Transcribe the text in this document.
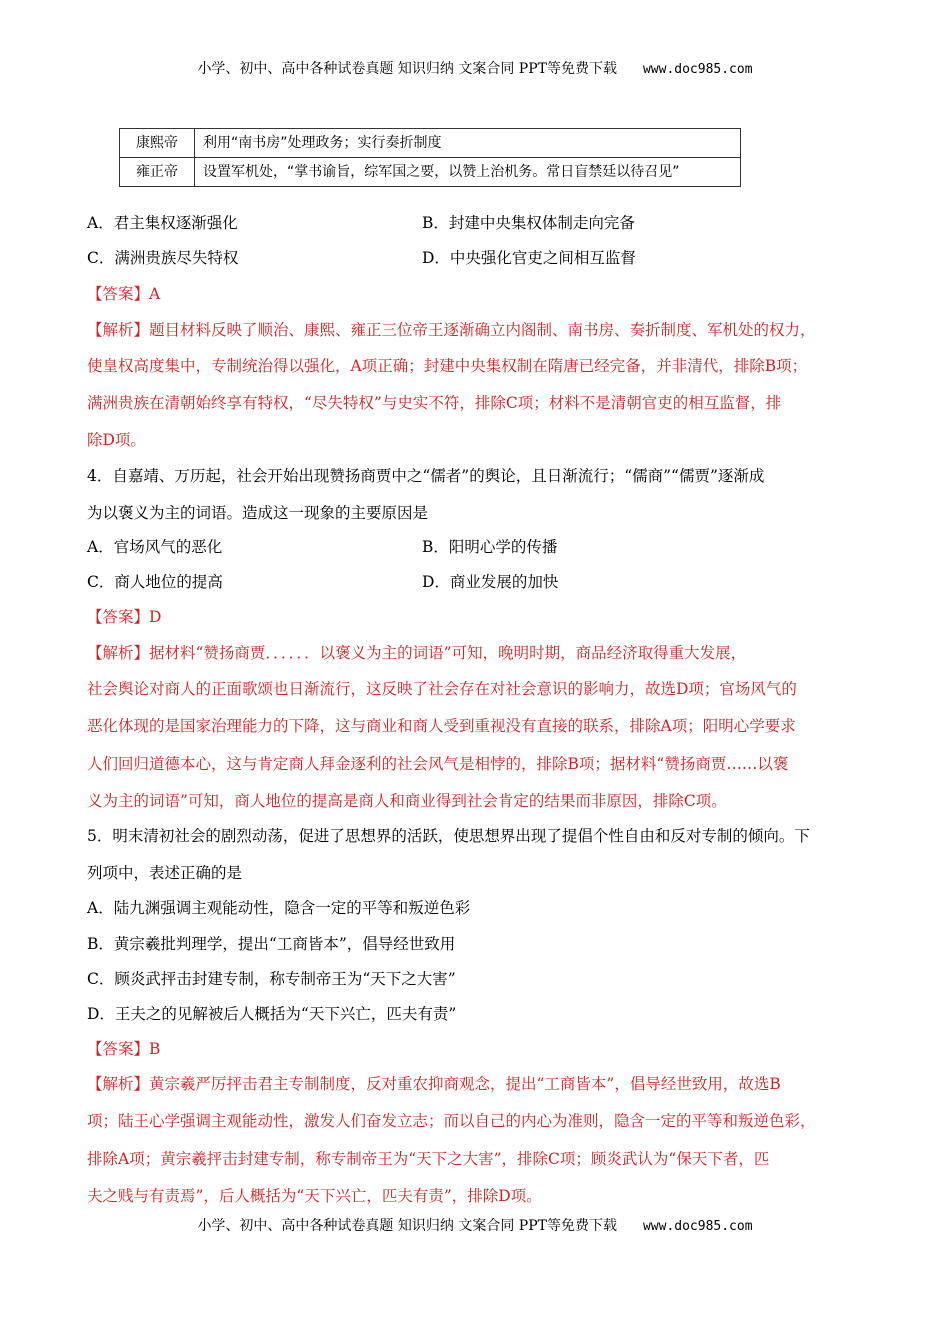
小学、初中、高中各种试卷真题 知识归纳 文案合同 PPT等免费下载 www.doc985.com
康熙帝	利用“南书房”处理政务；实行奏折制度
雍正帝	设置军机处，“掌书谕旨，综军国之要，以赞上治机务。常日盲禁廷以待召见”
A．君主集权逐渐强化	B．封建中央集权体制走向完备
C．满洲贵族尽失特权	D．中央强化官吏之间相互监督
【答案】A
【解析】题目材料反映了顺治、康熙、雍正三位帝王逐渐确立内阁制、南书房、奏折制度、军机处的权力，
使皇权高度集中，专制统治得以强化，A项正确；封建中央集权制在隋唐已经完备，并非清代，排除B项；
满洲贵族在清朝始终享有特权，“尽失特权”与史实不符，排除C项；材料不是清朝官吏的相互监督，排
除D项。
4．自嘉靖、万历起，社会开始出现赞扬商贾中之“儒者”的舆论，且日渐流行；“儒商”“儒贾”逐渐成
为以褒义为主的词语。造成这一现象的主要原因是
A．官场风气的恶化	B．阳明心学的传播
C．商人地位的提高	D．商业发展的加快
【答案】D
【解析】据材料“赞扬商贾．．．．．．以褒义为主的词语”可知，晚明时期，商品经济取得重大发展，
社会舆论对商人的正面歌颂也日渐流行，这反映了社会存在对社会意识的影响力，故选D项；官场风气的
恶化体现的是国家治理能力的下降，这与商业和商人受到重视没有直接的联系，排除A项；阳明心学要求
人们回归道德本心，这与肯定商人拜金逐利的社会风气是相悖的，排除B项；据材料“赞扬商贾……以褒
义为主的词语”可知，商人地位的提高是商人和商业得到社会肯定的结果而非原因，排除C项。
5．明末清初社会的剧烈动荡，促进了思想界的活跃，使思想界出现了提倡个性自由和反对专制的倾向。下
列项中，表述正确的是
A．陆九渊强调主观能动性，隐含一定的平等和叛逆色彩
B．黄宗羲批判理学，提出“工商皆本”，倡导经世致用
C．顾炎武抨击封建专制，称专制帝王为“天下之大害”
D．王夫之的见解被后人概括为“天下兴亡，匹夫有责”
【答案】B
【解析】黄宗羲严厉抨击君主专制制度，反对重农抑商观念，提出“工商皆本”，倡导经世致用，故选B
项；陆王心学强调主观能动性，激发人们奋发立志；而以自己的内心为准则，隐含一定的平等和叛逆色彩，
排除A项；黄宗羲抨击封建专制，称专制帝王为“天下之大害”，排除C项；顾炎武认为“保天下者，匹
夫之贱与有责焉”，后人概括为“天下兴亡，匹夫有责”，排除D项。
小学、初中、高中各种试卷真题 知识归纳 文案合同 PPT等免费下载 www.doc985.com
